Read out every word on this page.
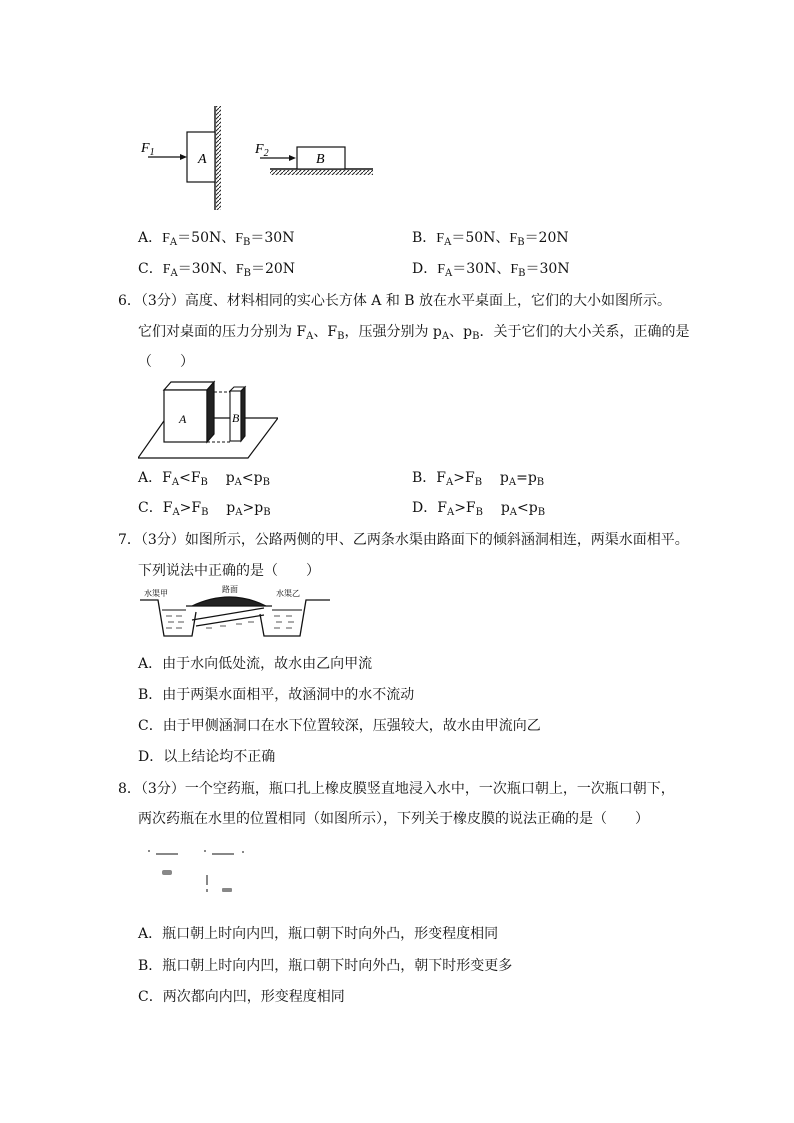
A
$F_1$	B
$F_2$
A．$F_A=50N$、$F_B=30N$	B．$F_A=50N$、$F_B=20N$
C．$F_A=30N$、$F_B=20N$	D．$F_A=30N$、$F_B=30N$
6．（3分）高度、材料相同的实心长方体 A 和 B 放在水平桌面上，它们的大小如图所示。
它们对桌面的压力分别为 $F_A$、$F_B$，压强分别为 $p_A$、$p_B$．关于它们的大小关系，正确的是
（　　）
A	B
A．$F_A<F_B$ $p_A<p_B$	B．$F_A>F_B$ $p_A=p_B$
C．$F_A>F_B$ $p_A>p_B$	D．$F_A>F_B$ $p_A<p_B$
7．（3分）如图所示，公路两侧的甲、乙两条水渠由路面下的倾斜涵洞相连，两渠水面相平。
下列说法中正确的是（　　）
水渠甲	路面	水渠乙
A．由于水向低处流，故水由乙向甲流
B．由于两渠水面相平，故涵洞中的水不流动
C．由于甲侧涵洞口在水下位置较深，压强较大，故水由甲流向乙
D．以上结论均不正确
8．（3分）一个空药瓶，瓶口扎上橡皮膜竖直地浸入水中，一次瓶口朝上，一次瓶口朝下，
两次药瓶在水里的位置相同（如图所示），下列关于橡皮膜的说法正确的是（　　）
A．瓶口朝上时向内凹，瓶口朝下时向外凸，形变程度相同
B．瓶口朝上时向内凹，瓶口朝下时向外凸，朝下时形变更多
C．两次都向内凹，形变程度相同
